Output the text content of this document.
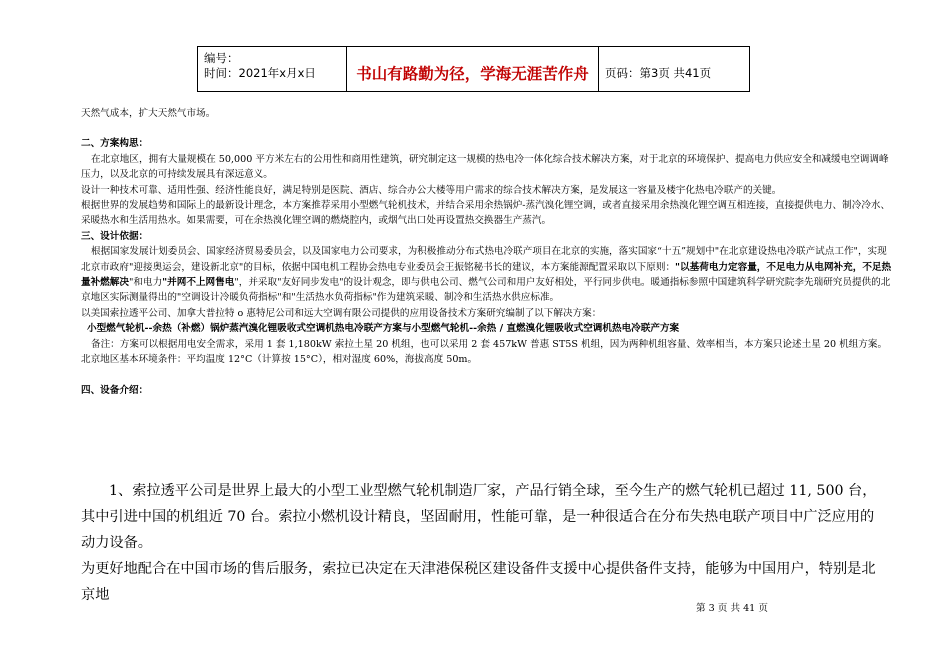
编号：
时间：2021年x月x日	书山有路勤为径，学海无涯苦作舟	页码：第3页 共41页

天然气成本，扩大天然气市场。

二、方案构思：

在北京地区，拥有大量规模在 50,000 平方米左右的公用性和商用性建筑，研究制定这一规模的热电冷一体化综合技术解决方案，对于北京的环境保护、提高电力供应安全和减缓电空调调峰压力，以及北京的可持续发展具有深远意义。

设计一种技术可靠、适用性强、经济性能良好，满足特别是医院、酒店、综合办公大楼等用户需求的综合技术解决方案，是发展这一容量及楼宇化热电冷联产的关键。

根据世界的发展趋势和国际上的最新设计理念，本方案推荐采用小型燃气轮机技术，并结合采用余热锅炉-蒸汽溴化锂空调，或者直接采用余热溴化锂空调互相连接，直接提供电力、制冷冷水、采暖热水和生活用热水。如果需要，可在余热溴化锂空调的燃烧腔内，或烟气出口处再设置热交换器生产蒸汽。

三、设计依据：

根据国家发展计划委员会、国家经济贸易委员会，以及国家电力公司要求，为积极推动分布式热电冷联产项目在北京的实施，落实国家“十五”规划中"在北京建设热电冷联产试点工作"，实现北京市政府"迎接奥运会，建设新北京"的目标，依据中国电机工程协会热电专业委员会王振铭秘书长的建议，本方案能源配置采取以下原则："以基荷电力定容量，不足电力从电网补充，不足热量补燃解决"和电力"并网不上网售电"，并采取"友好同步发电"的设计观念，即与供电公司、燃气公司和用户友好相处，平行同步供电。暖通指标参照中国建筑科学研究院李先瑞研究员提供的北京地区实际测量得出的"空调设计冷暖负荷指标"和"生活热水负荷指标"作为建筑采暖、制冷和生活热水供应标准。

以美国索拉透平公司、加拿大普拉特 o 惠特尼公司和远大空调有限公司提供的应用设备技术方案研究编制了以下解决方案：

小型燃气轮机--余热（补燃）锅炉蒸汽溴化锂吸收式空调机热电冷联产方案与小型燃气轮机--余热 / 直燃溴化锂吸收式空调机热电冷联产方案

备注：方案可以根据用电安全需求，采用 1 套 1,180kW 索拉土星 20 机组，也可以采用 2 套 457kW 普惠 ST5S 机组，因为两种机组容量、效率相当，本方案只论述土星 20 机组方案。

北京地区基本环境条件：平均温度 12°C（计算按 15°C），相对湿度 60%，海拔高度 50m。

四、设备介绍：

1、索拉透平公司是世界上最大的小型工业型燃气轮机制造厂家，产品行销全球，至今生产的燃气轮机已超过 11, 500 台，其中引进中国的机组近 70 台。索拉小燃机设计精良，坚固耐用，性能可靠，是一种很适合在分布失热电联产项目中广泛应用的动力设备。

为更好地配合在中国市场的售后服务，索拉已决定在天津港保税区建设备件支援中心提供备件支持，能够为中国用户，特别是北京地

第 3 页 共 41 页
